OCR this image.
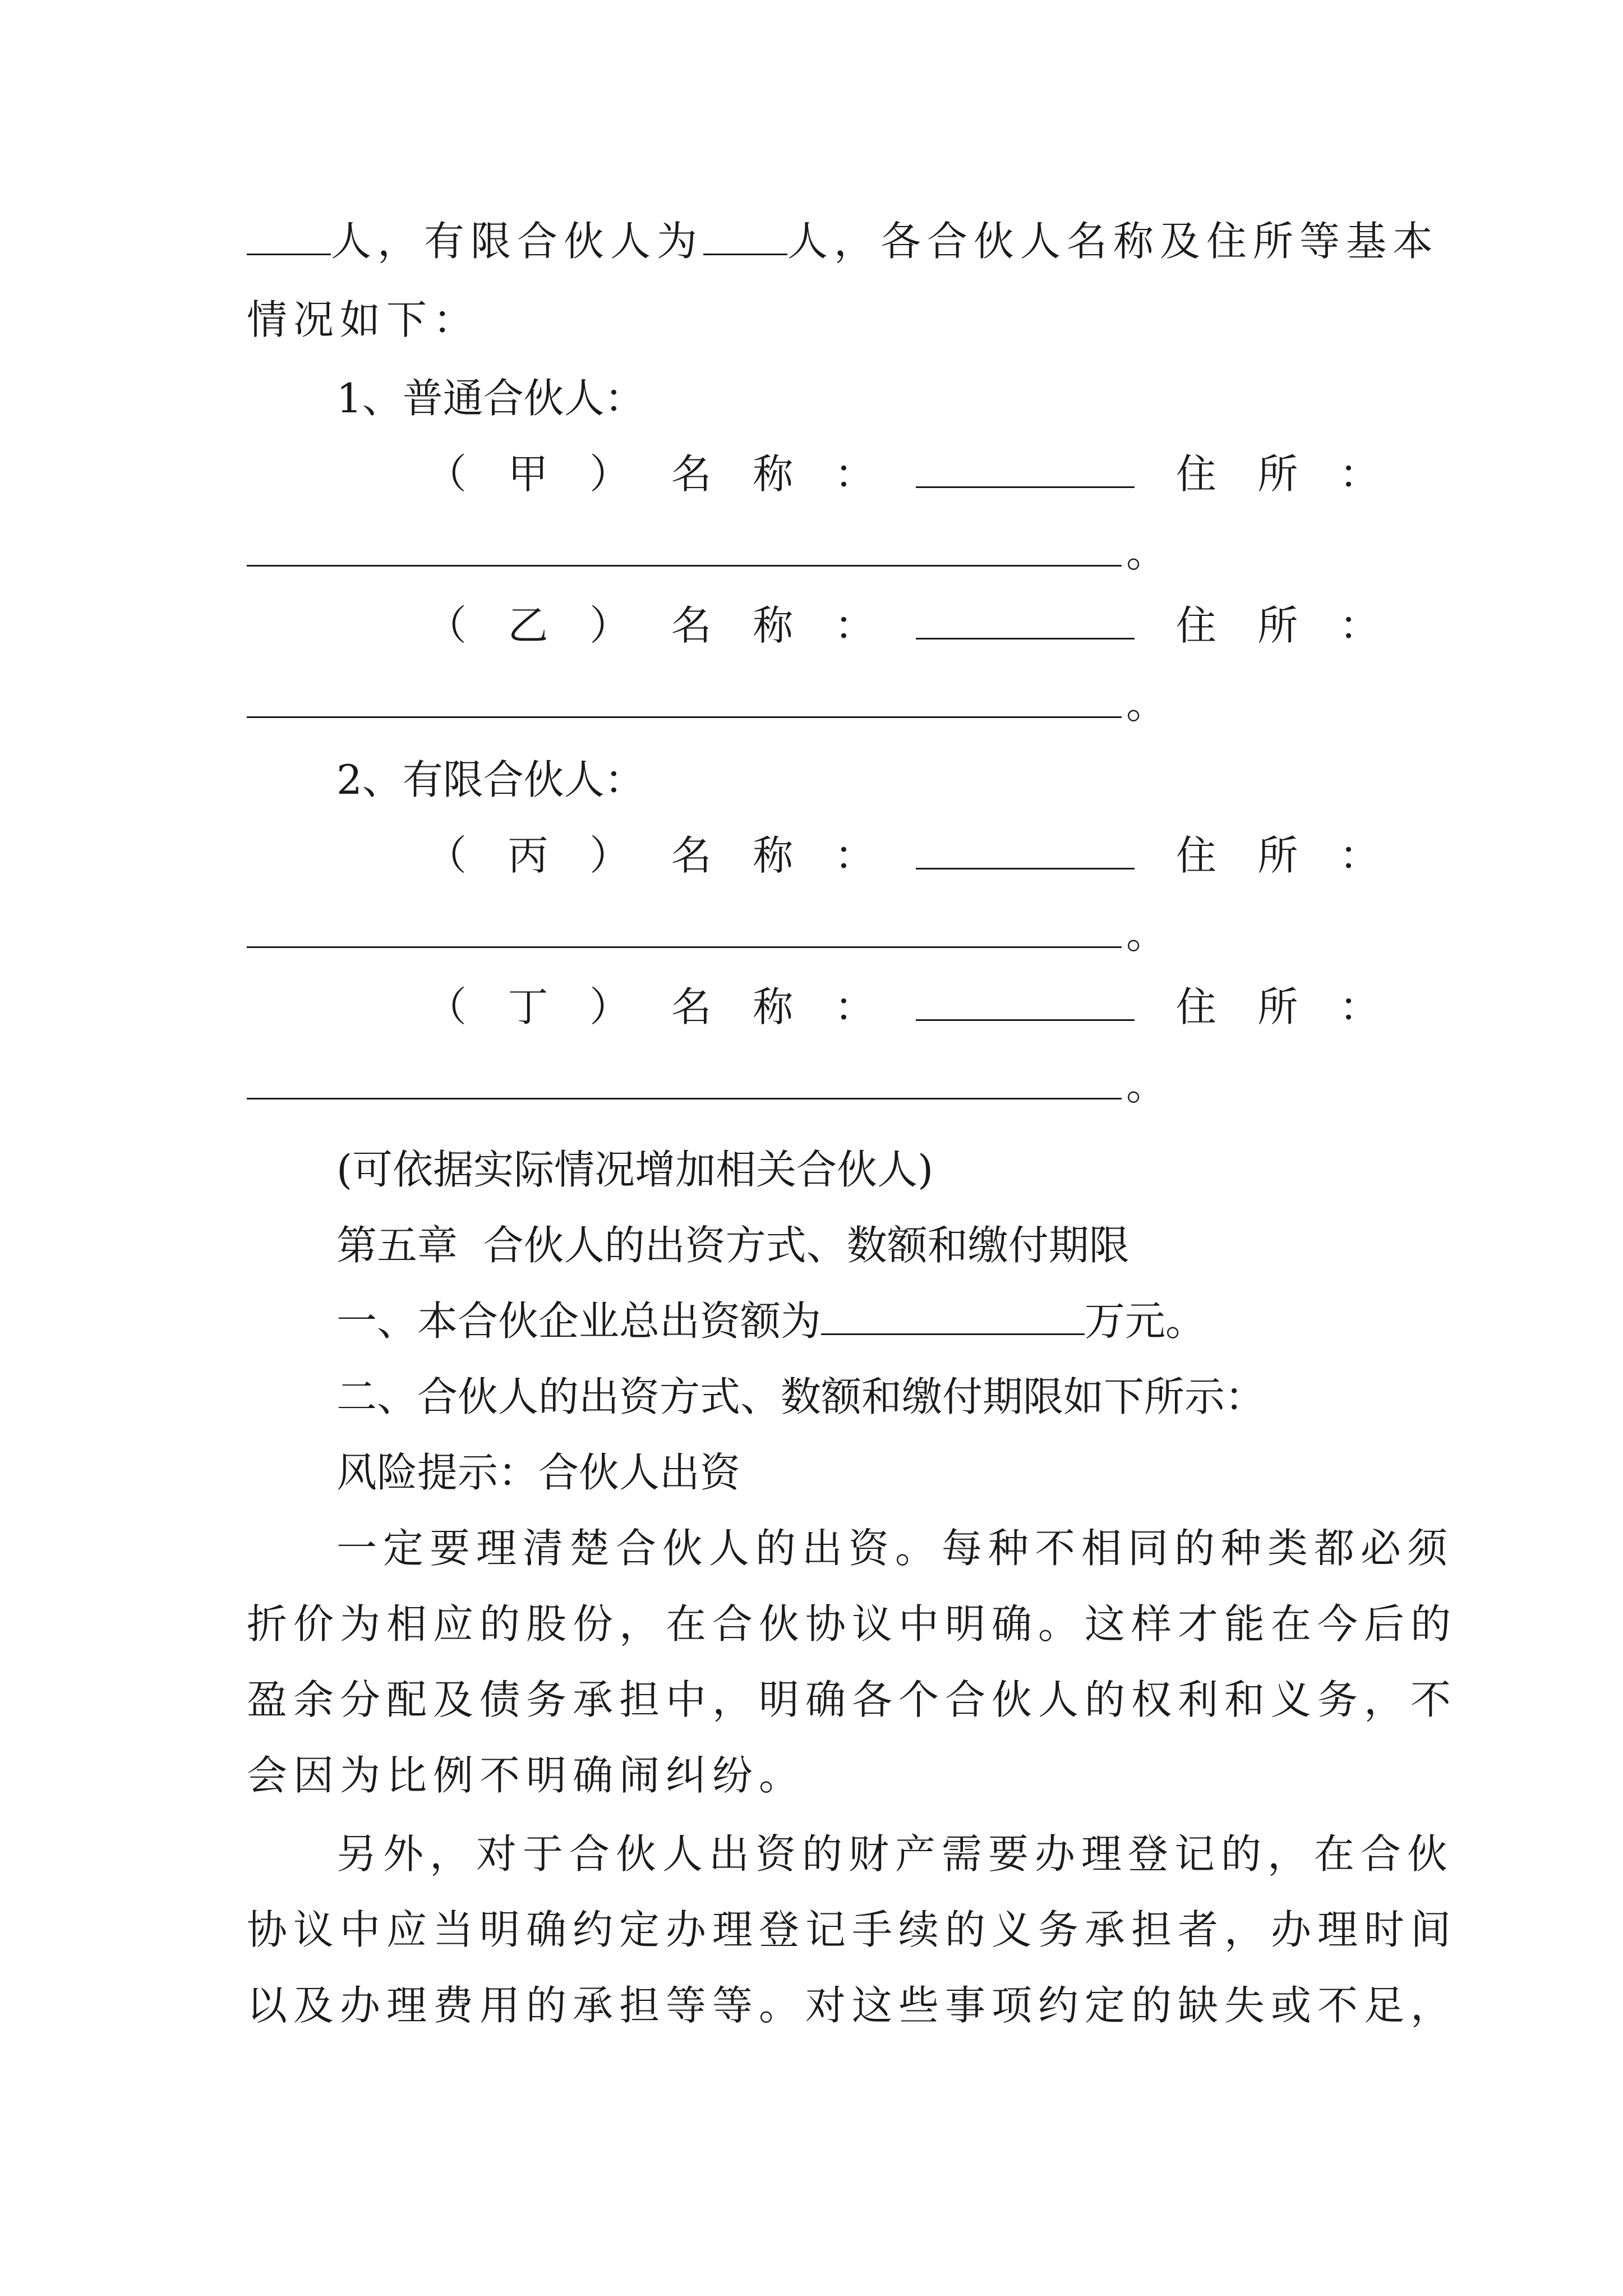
人，有限合伙人为 人，各合伙人名称及住所等基本
情况如下：
1、普通合伙人：
（ 甲 ） 名 称 ：	住 所 ：
。
（ 乙 ） 名 称 ：	住 所 ：
。
2、有限合伙人：
（ 丙 ） 名 称 ：	住 所 ：
。
（ 丁 ） 名 称 ：	住 所 ：
。
(可依据实际情况增加相关合伙人)
第五章  合伙人的出资方式、数额和缴付期限
一、本合伙企业总出资额为	万元。
二、合伙人的出资方式、数额和缴付期限如下所示：
风险提示：合伙人出资
一定要理清楚合伙人的出资。每种不相同的种类都必须
折价为相应的股份，在合伙协议中明确。这样才能在今后的
盈余分配及债务承担中，明确各个合伙人的权利和义务，不
会因为比例不明确闹纠纷。
另外，对于合伙人出资的财产需要办理登记的，在合伙
协议中应当明确约定办理登记手续的义务承担者，办理时间
以及办理费用的承担等等。对这些事项约定的缺失或不足，
